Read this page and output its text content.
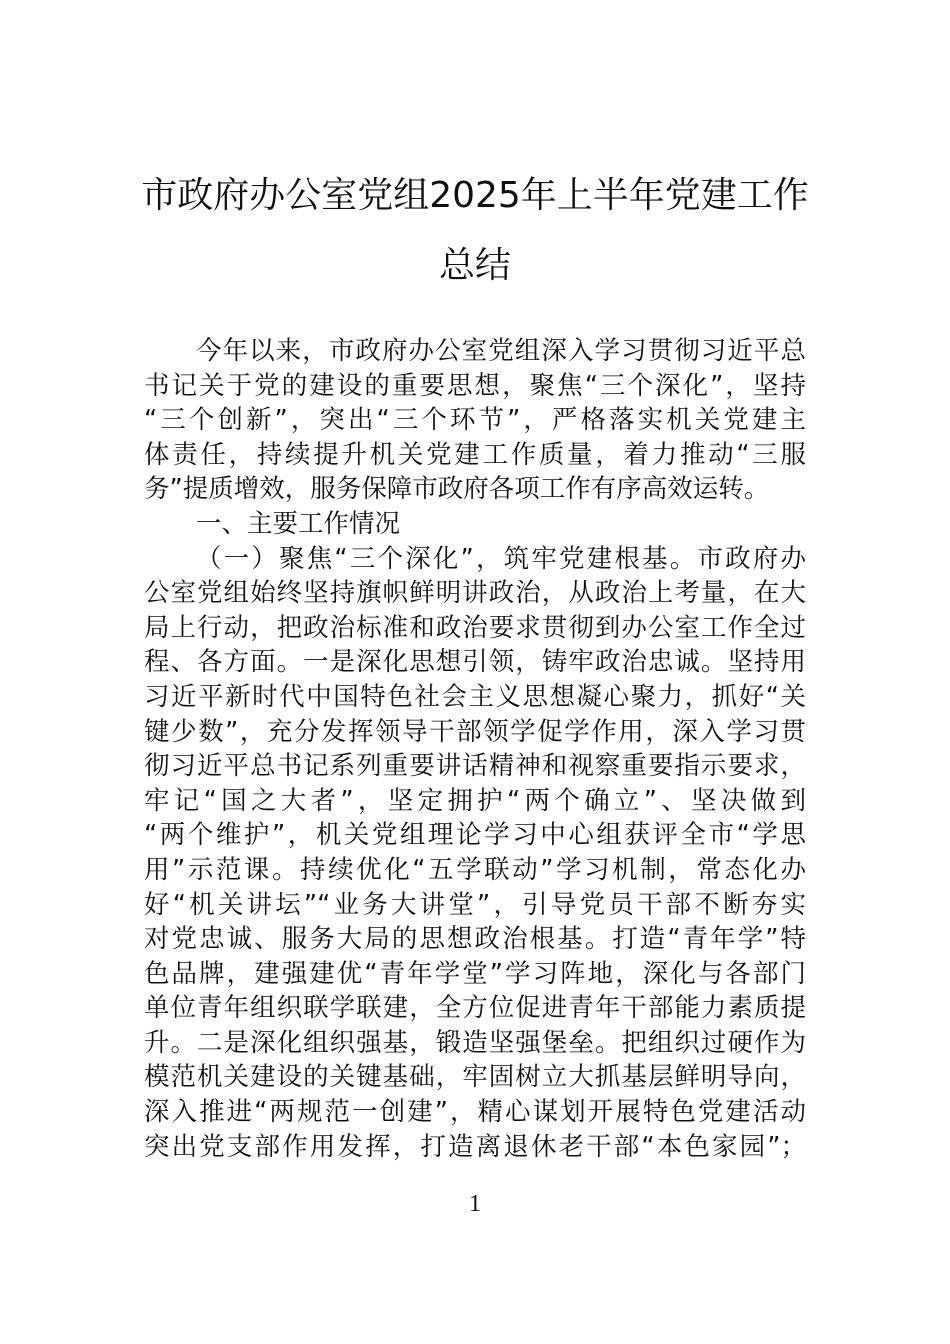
市政府办公室党组2025年上半年党建工作
总结
今年以来，市政府办公室党组深入学习贯彻习近平总
书记关于党的建设的重要思想，聚焦“三个深化”，坚持
“三个创新”，突出“三个环节”，严格落实机关党建主
体责任，持续提升机关党建工作质量，着力推动“三服
务”提质增效，服务保障市政府各项工作有序高效运转。
一、主要工作情况
（一）聚焦“三个深化”，筑牢党建根基。市政府办
公室党组始终坚持旗帜鲜明讲政治，从政治上考量，在大
局上行动，把政治标准和政治要求贯彻到办公室工作全过
程、各方面。一是深化思想引领，铸牢政治忠诚。坚持用
习近平新时代中国特色社会主义思想凝心聚力，抓好“关
键少数”，充分发挥领导干部领学促学作用，深入学习贯
彻习近平总书记系列重要讲话精神和视察重要指示要求，
牢记“国之大者”，坚定拥护“两个确立”、坚决做到
“两个维护”，机关党组理论学习中心组获评全市“学思
用”示范课。持续优化“五学联动”学习机制，常态化办
好“机关讲坛”“业务大讲堂”，引导党员干部不断夯实
对党忠诚、服务大局的思想政治根基。打造“青年学”特
色品牌，建强建优“青年学堂”学习阵地，深化与各部门
单位青年组织联学联建，全方位促进青年干部能力素质提
升。二是深化组织强基，锻造坚强堡垒。把组织过硬作为
模范机关建设的关键基础，牢固树立大抓基层鲜明导向，
深入推进“两规范一创建”，精心谋划开展特色党建活动
突出党支部作用发挥，打造离退休老干部“本色家园”；
1
